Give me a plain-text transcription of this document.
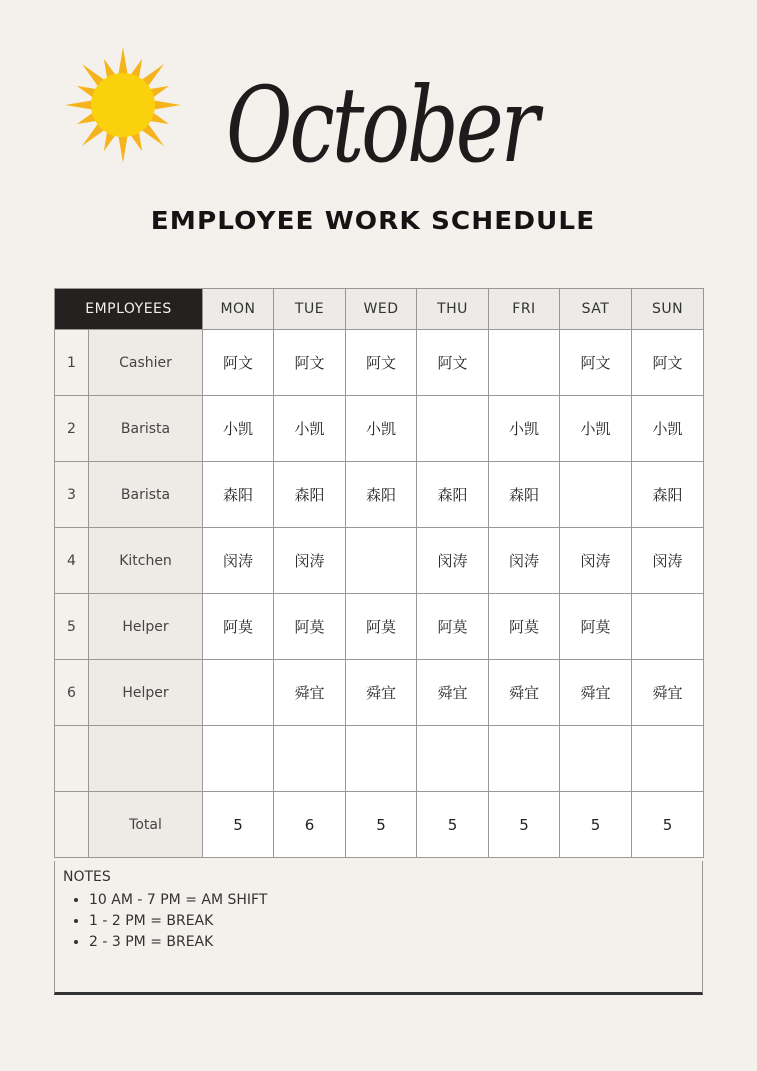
October
EMPLOYEE WORK SCHEDULE
EMPLOYEES		MON	TUE	WED	THU	FRI	SAT	SUN
1	Cashier	阿文	阿文	阿文	阿文		阿文	阿文
2	Barista	小凯	小凯	小凯		小凯	小凯	小凯
3	Barista	森阳	森阳	森阳	森阳	森阳		森阳
4	Kitchen	闵涛	闵涛		闵涛	闵涛	闵涛	闵涛
5	Helper	阿莫	阿莫	阿莫	阿莫	阿莫	阿莫	
6	Helper		舜宜	舜宜	舜宜	舜宜	舜宜	舜宜

	Total	5	6	5	5	5	5	5
NOTES
• 10 AM - 7 PM = AM SHIFT
• 1 - 2 PM = BREAK
• 2 - 3 PM = BREAK
